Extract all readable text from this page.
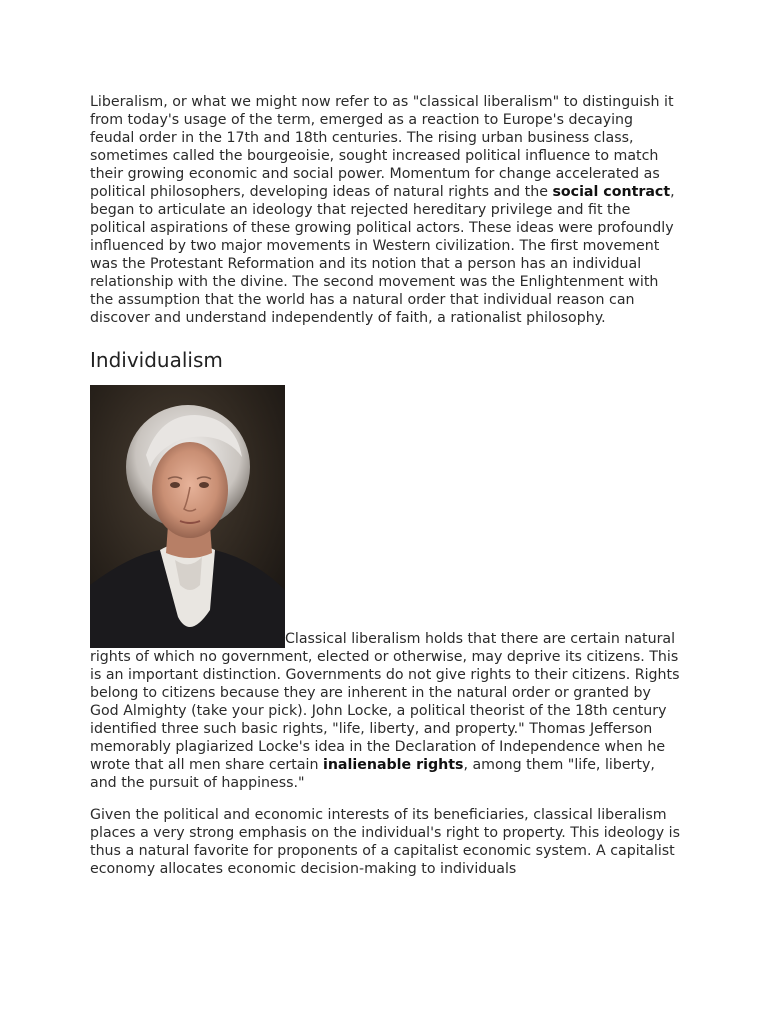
Liberalism, or what we might now refer to as "classical liberalism" to distinguish it from today's usage of the term, emerged as a reaction to Europe's decaying feudal order in the 17th and 18th centuries. The rising urban business class, sometimes called the bourgeoisie, sought increased political influence to match their growing economic and social power. Momentum for change accelerated as political philosophers, developing ideas of natural rights and the social contract, began to articulate an ideology that rejected hereditary privilege and fit the political aspirations of these growing political actors. These ideas were profoundly influenced by two major movements in Western civilization. The first movement was the Protestant Reformation and its notion that a person has an individual relationship with the divine. The second movement was the Enlightenment with the assumption that the world has a natural order that individual reason can discover and understand independently of faith, a rationalist philosophy.

Individualism

Classical liberalism holds that there are certain natural rights of which no government, elected or otherwise, may deprive its citizens. This is an important distinction. Governments do not give rights to their citizens. Rights belong to citizens because they are inherent in the natural order or granted by God Almighty (take your pick). John Locke, a political theorist of the 18th century identified three such basic rights, "life, liberty, and property." Thomas Jefferson memorably plagiarized Locke's idea in the Declaration of Independence when he wrote that all men share certain inalienable rights, among them "life, liberty, and the pursuit of happiness."

Given the political and economic interests of its beneficiaries, classical liberalism places a very strong emphasis on the individual's right to property. This ideology is thus a natural favorite for proponents of a capitalist economic system. A capitalist economy allocates economic decision-making to individuals
